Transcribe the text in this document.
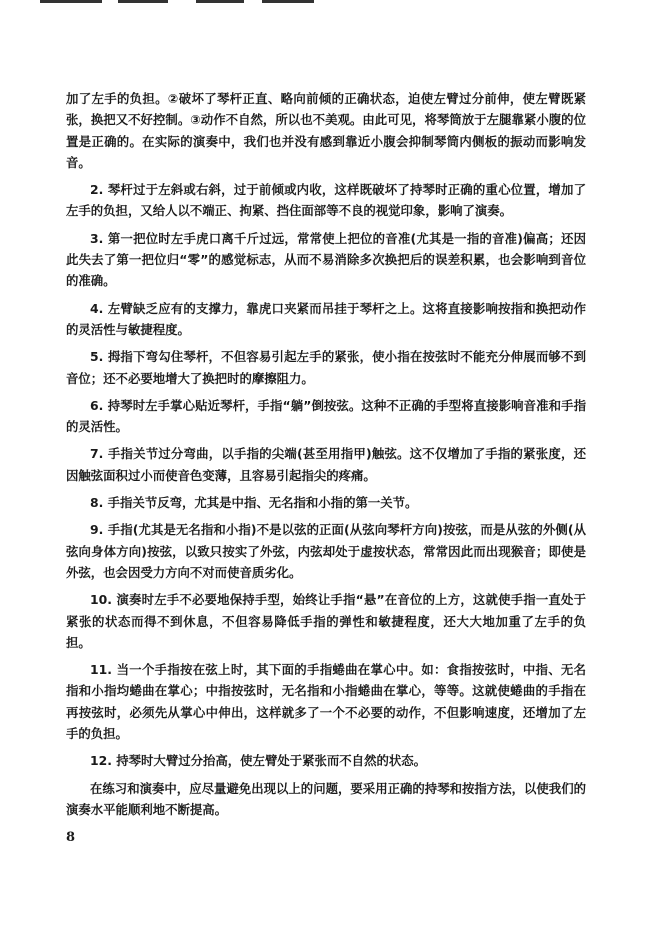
加了左手的负担。②破坏了琴杆正直、略向前倾的正确状态，迫使左臂过分前伸，使左臂既紧张，换把又不好控制。③动作不自然，所以也不美观。由此可见，将琴筒放于左腿靠紧小腹的位置是正确的。在实际的演奏中，我们也并没有感到靠近小腹会抑制琴筒内侧板的振动而影响发音。

2. 琴杆过于左斜或右斜，过于前倾或内收，这样既破坏了持琴时正确的重心位置，增加了左手的负担，又给人以不端正、拘紧、挡住面部等不良的视觉印象，影响了演奏。

3. 第一把位时左手虎口离千斤过远，常常使上把位的音准(尤其是一指的音准)偏高；还因此失去了第一把位归“零”的感觉标志，从而不易消除多次换把后的误差积累，也会影响到音位的准确。

4. 左臂缺乏应有的支撑力，靠虎口夹紧而吊挂于琴杆之上。这将直接影响按指和换把动作的灵活性与敏捷程度。

5. 拇指下弯勾住琴杆，不但容易引起左手的紧张，使小指在按弦时不能充分伸展而够不到音位；还不必要地增大了换把时的摩擦阻力。

6. 持琴时左手掌心贴近琴杆，手指“躺”倒按弦。这种不正确的手型将直接影响音准和手指的灵活性。

7. 手指关节过分弯曲，以手指的尖端(甚至用指甲)触弦。这不仅增加了手指的紧张度，还因触弦面积过小而使音色变薄，且容易引起指尖的疼痛。

8. 手指关节反弯，尤其是中指、无名指和小指的第一关节。

9. 手指(尤其是无名指和小指)不是以弦的正面(从弦向琴杆方向)按弦，而是从弦的外侧(从弦向身体方向)按弦，以致只按实了外弦，内弦却处于虚按状态，常常因此而出现猴音；即使是外弦，也会因受力方向不对而使音质劣化。

10. 演奏时左手不必要地保持手型，始终让手指“悬”在音位的上方，这就使手指一直处于紧张的状态而得不到休息，不但容易降低手指的弹性和敏捷程度，还大大地加重了左手的负担。

11. 当一个手指按在弦上时，其下面的手指蜷曲在掌心中。如：食指按弦时，中指、无名指和小指均蜷曲在掌心；中指按弦时，无名指和小指蜷曲在掌心，等等。这就使蜷曲的手指在再按弦时，必须先从掌心中伸出，这样就多了一个不必要的动作，不但影响速度，还增加了左手的负担。

12. 持琴时大臂过分抬高，使左臂处于紧张而不自然的状态。

在练习和演奏中，应尽量避免出现以上的问题，要采用正确的持琴和按指方法，以使我们的演奏水平能顺利地不断提高。

8
